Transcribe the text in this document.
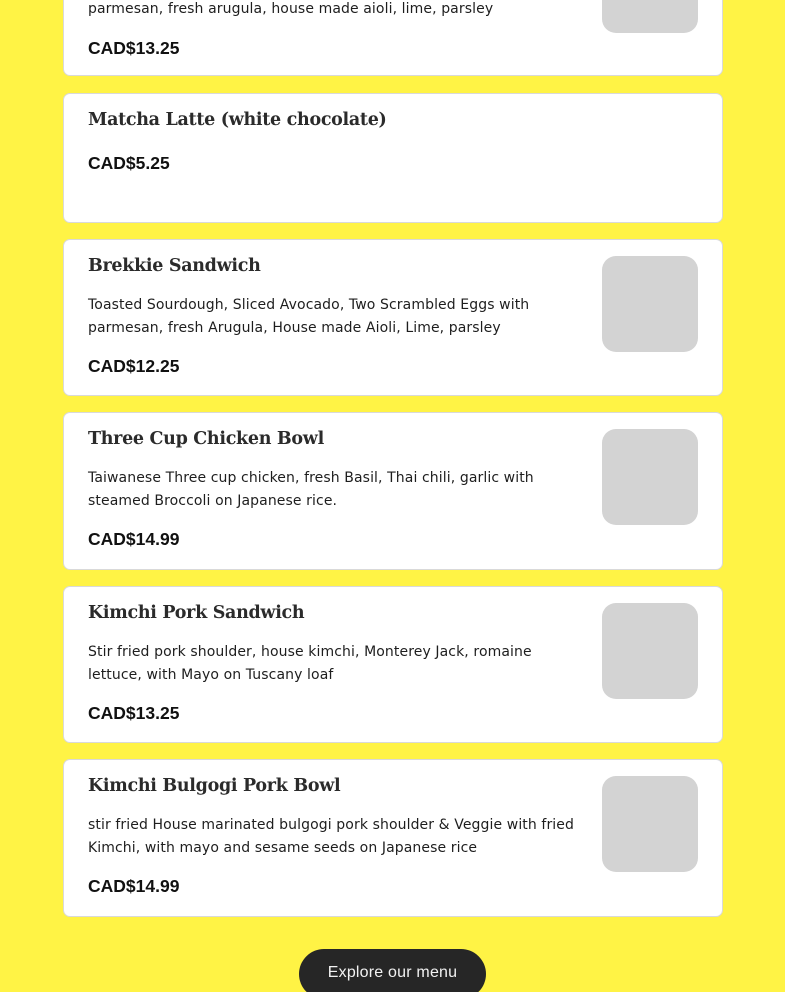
parmesan, fresh arugula, house made aioli, lime, parsley
CAD$13.25
Matcha Latte (white chocolate)
CAD$5.25
Brekkie Sandwich
Toasted Sourdough, Sliced Avocado, Two Scrambled Eggs with parmesan, fresh Arugula, House made Aioli, Lime, parsley
CAD$12.25
Three Cup Chicken Bowl
Taiwanese Three cup chicken, fresh Basil, Thai chili, garlic with steamed Broccoli on Japanese rice.
CAD$14.99
Kimchi Pork Sandwich
Stir fried pork shoulder, house kimchi, Monterey Jack, romaine lettuce, with Mayo on Tuscany loaf
CAD$13.25
Kimchi Bulgogi Pork Bowl
stir fried House marinated bulgogi pork shoulder & Veggie with fried Kimchi, with mayo and sesame seeds on Japanese rice
CAD$14.99
Explore our menu
